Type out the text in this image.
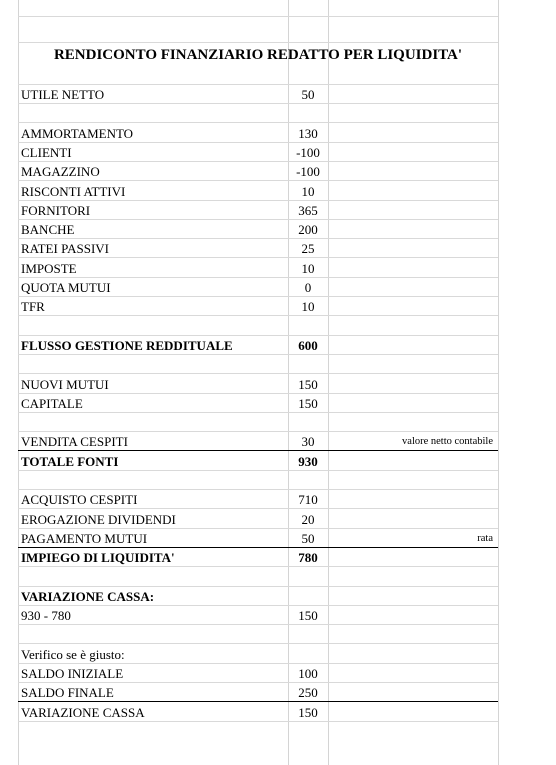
RENDICONTO FINANZIARIO REDATTO PER LIQUIDITA'
UTILE NETTO	50
AMMORTAMENTO	130
CLIENTI	-100
MAGAZZINO	-100
RISCONTI ATTIVI	10
FORNITORI	365
BANCHE	200
RATEI PASSIVI	25
IMPOSTE	10
QUOTA MUTUI	0
TFR	10
FLUSSO GESTIONE REDDITUALE	600
NUOVI MUTUI	150
CAPITALE	150
VENDITA CESPITI	30	valore netto contabile
TOTALE FONTI	930
ACQUISTO CESPITI	710
EROGAZIONE DIVIDENDI	20
PAGAMENTO MUTUI	50	rata
IMPIEGO DI LIQUIDITA'	780
VARIAZIONE CASSA:
930 - 780	150
Verifico se è giusto:
SALDO INIZIALE	100
SALDO FINALE	250
VARIAZIONE CASSA	150
